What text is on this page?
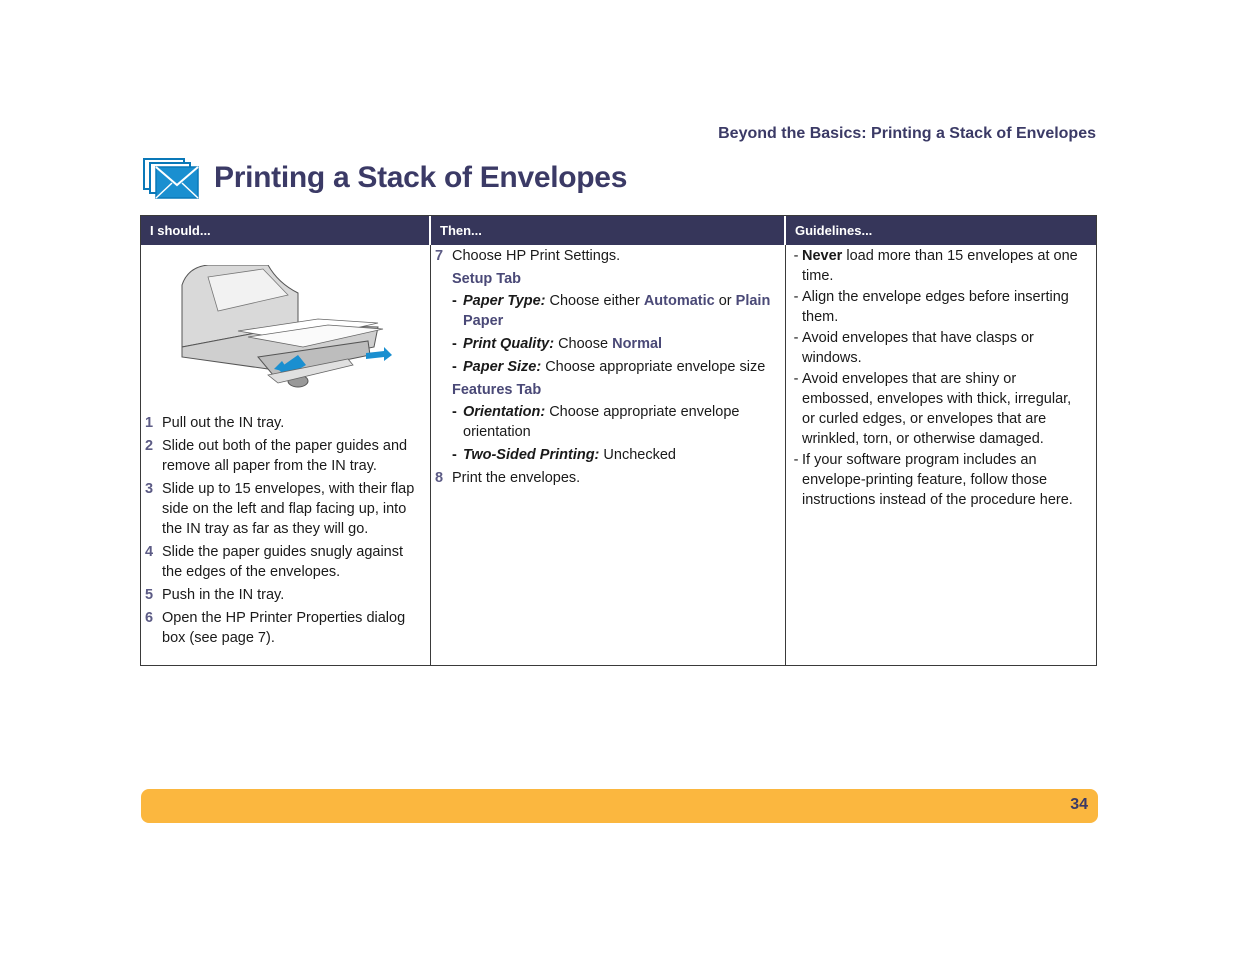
Beyond the Basics: Printing a Stack of Envelopes
Printing a Stack of Envelopes
I should...	Then...	Guidelines...
1 Pull out the IN tray.
2 Slide out both of the paper guides and remove all paper from the IN tray.
3 Slide up to 15 envelopes, with their flap side on the left and flap facing up, into the IN tray as far as they will go.
4 Slide the paper guides snugly against the edges of the envelopes.
5 Push in the IN tray.
6 Open the HP Printer Properties dialog box (see page 7).
7 Choose HP Print Settings.
Setup Tab
- Paper Type: Choose either Automatic or Plain Paper
- Print Quality: Choose Normal
- Paper Size: Choose appropriate envelope size
Features Tab
- Orientation: Choose appropriate envelope orientation
- Two-Sided Printing: Unchecked
8 Print the envelopes.
- Never load more than 15 envelopes at one time.
- Align the envelope edges before inserting them.
- Avoid envelopes that have clasps or windows.
- Avoid envelopes that are shiny or embossed, envelopes with thick, irregular, or curled edges, or envelopes that are wrinkled, torn, or otherwise damaged.
- If your software program includes an envelope-printing feature, follow those instructions instead of the procedure here.
34
